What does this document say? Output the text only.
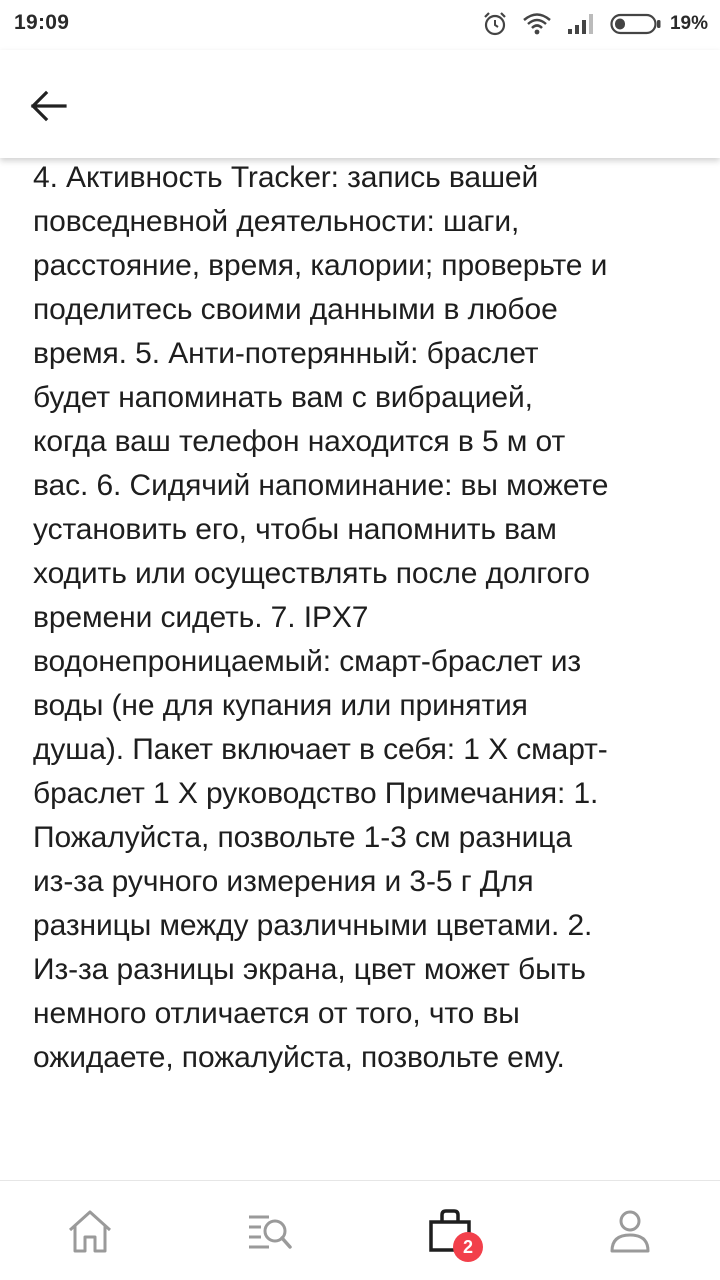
19:09	19%
4. Активность Tracker: запись вашей
повседневной деятельности: шаги,
расстояние, время, калории; проверьте и
поделитесь своими данными в любое
время. 5. Анти-потерянный: браслет
будет напоминать вам с вибрацией,
когда ваш телефон находится в 5 м от
вас. 6. Сидячий напоминание: вы можете
установить его, чтобы напомнить вам
ходить или осуществлять после долгого
времени сидеть. 7. IPX7
водонепроницаемый: смарт-браслет из
воды (не для купания или принятия
душа). Пакет включает в себя: 1 X смарт-
браслет 1 X руководство Примечания: 1.
Пожалуйста, позвольте 1-3 см разница
из-за ручного измерения и 3-5 г Для
разницы между различными цветами. 2.
Из-за разницы экрана, цвет может быть
немного отличается от того, что вы
ожидаете, пожалуйста, позвольте ему.
2
